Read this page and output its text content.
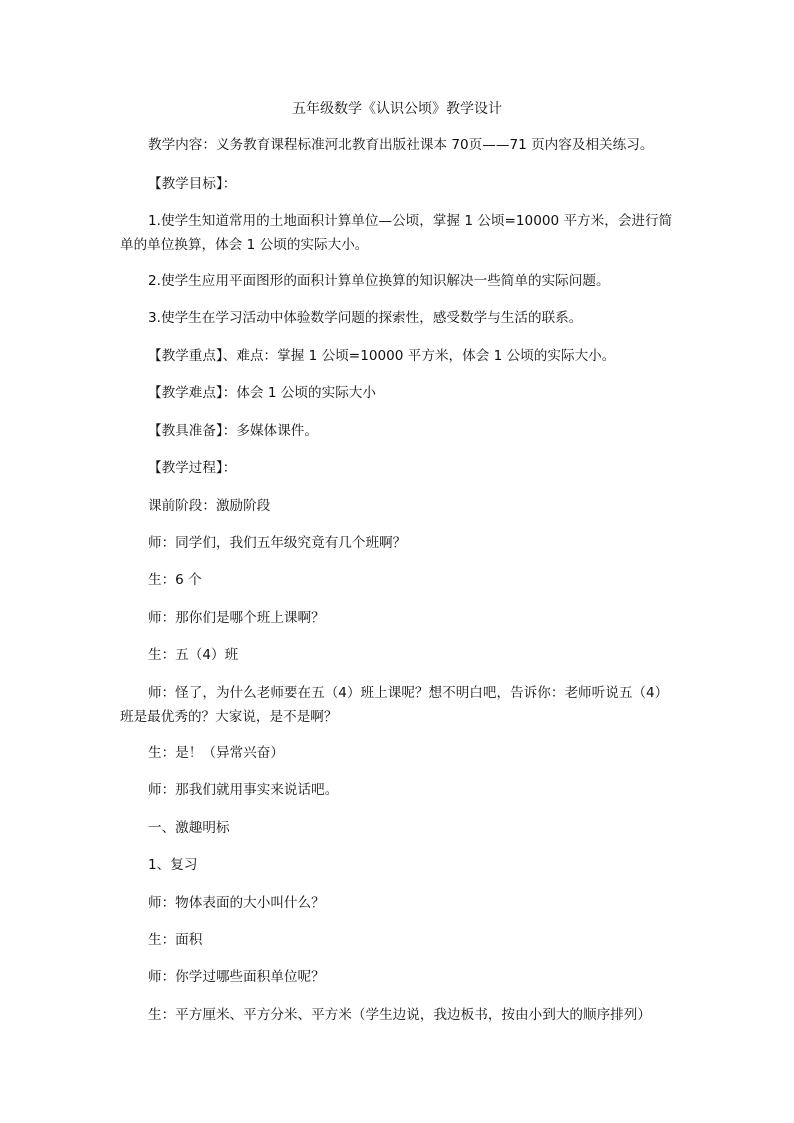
五年级数学《认识公顷》教学设计
教学内容：义务教育课程标准河北教育出版社课本 70页——71 页内容及相关练习。
【教学目标】：
1.使学生知道常用的土地面积计算单位—公顷，掌握 1 公顷=10000 平方米，会进行简单的单位换算，体会 1 公顷的实际大小。
2.使学生应用平面图形的面积计算单位换算的知识解决一些简单的实际问题。
3.使学生在学习活动中体验数学问题的探索性，感受数学与生活的联系。
【教学重点】、难点：掌握 1 公顷=10000 平方米，体会 1 公顷的实际大小。
【教学难点】：体会 1 公顷的实际大小
【教具准备】：多媒体课件。
【教学过程】：
课前阶段：激励阶段
师：同学们，我们五年级究竟有几个班啊？
生：6 个
师：那你们是哪个班上课啊？
生：五（4）班
师：怪了，为什么老师要在五（4）班上课呢？想不明白吧，告诉你：老师听说五（4）班是最优秀的？大家说，是不是啊？
生：是！（异常兴奋）
师：那我们就用事实来说话吧。
一、激趣明标
1、复习
师：物体表面的大小叫什么？
生：面积
师：你学过哪些面积单位呢？
生：平方厘米、平方分米、平方米（学生边说，我边板书，按由小到大的顺序排列）
